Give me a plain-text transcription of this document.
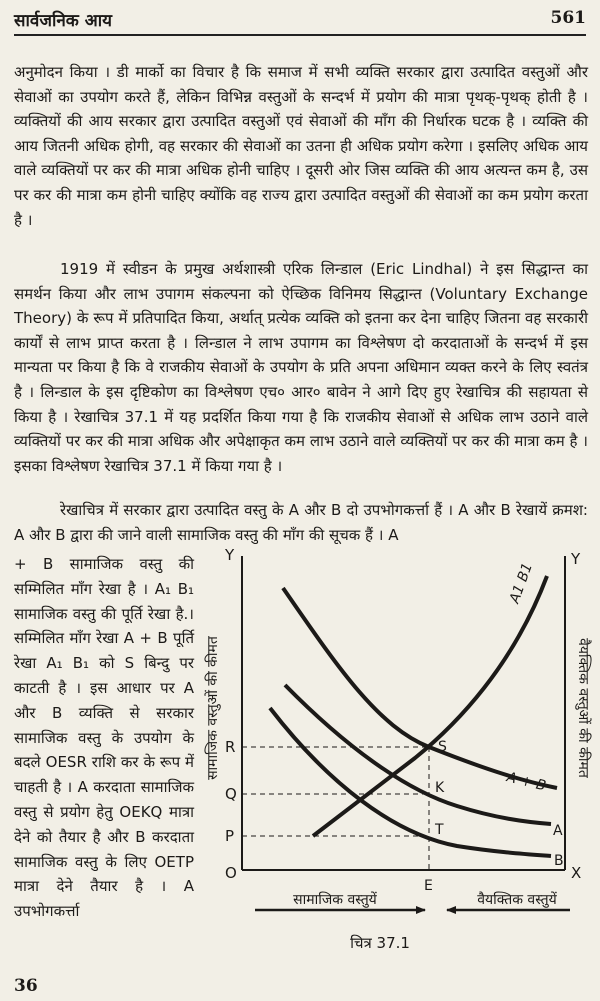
सार्वजनिक आय	561
अनुमोदन किया । डी मार्को का विचार है कि समाज में सभी व्यक्ति सरकार द्वारा उत्पादित वस्तुओं और सेवाओं का उपयोग करते हैं, लेकिन विभिन्न वस्तुओं के सन्दर्भ में प्रयोग की मात्रा पृथक्-पृथक् होती है । व्यक्तियों की आय सरकार द्वारा उत्पादित वस्तुओं एवं सेवाओं की माँग की निर्धारक घटक है । व्यक्ति की आय जितनी अधिक होगी, वह सरकार की सेवाओं का उतना ही अधिक प्रयोग करेगा । इसलिए अधिक आय वाले व्यक्तियों पर कर की मात्रा अधिक होनी चाहिए । दूसरी ओर जिस व्यक्ति की आय अत्यन्त कम है, उस पर कर की मात्रा कम होनी चाहिए क्योंकि वह राज्य द्वारा उत्पादित वस्तुओं की सेवाओं का कम प्रयोग करता है ।
1919 में स्वीडन के प्रमुख अर्थशास्त्री एरिक लिन्डाल (Eric Lindhal) ने इस सिद्धान्त का समर्थन किया और लाभ उपागम संकल्पना को ऐच्छिक विनिमय सिद्धान्त (Voluntary Exchange Theory) के रूप में प्रतिपादित किया, अर्थात् प्रत्येक व्यक्ति को इतना कर देना चाहिए जितना वह सरकारी कार्यों से लाभ प्राप्त करता है । लिन्डाल ने लाभ उपागम का विश्लेषण दो करदाताओं के सन्दर्भ में इस मान्यता पर किया है कि वे राजकीय सेवाओं के उपयोग के प्रति अपना अधिमान व्यक्त करने के लिए स्वतंत्र है । लिन्डाल के इस दृष्टिकोण का विश्लेषण एच० आर० बावेन ने आगे दिए हुए रेखाचित्र की सहायता से किया है । रेखाचित्र 37.1 में यह प्रदर्शित किया गया है कि राजकीय सेवाओं से अधिक लाभ उठाने वाले व्यक्तियों पर कर की मात्रा अधिक और अपेक्षाकृत कम लाभ उठाने वाले व्यक्तियों पर कर की मात्रा कम है । इसका विश्लेषण रेखाचित्र 37.1 में किया गया है ।
रेखाचित्र में सरकार द्वारा उत्पादित वस्तु के A और B दो उपभोगकर्त्ता हैं । A और B रेखायें क्रमश: A और B द्वारा की जाने वाली सामाजिक वस्तु की माँग की सूचक हैं । A
+ B सामाजिक वस्तु की सम्मिलित माँग रेखा है । A₁ B₁ सामाजिक वस्तु की पूर्ति रेखा है.। सम्मिलित माँग रेखा A + B पूर्ति रेखा A₁ B₁ को S बिन्दु पर काटती है । इस आधार पर A और B व्यक्ति से सरकार सामाजिक वस्तु के उपयोग के बदले OESR राशि कर के रूप में चाहती है । A करदाता सामाजिक वस्तु से प्रयोग हेतु OEKQ मात्रा देने को तैयार है और B करदाता सामाजिक वस्तु के लिए OETP मात्रा देने तैयार है । A उपभोगकर्त्ता
Y	Y
O	X
R
Q
P
E
S
K
T
A1 B1
A + B
A
B
सामाजिक वस्तुओं की कीमत	वैयक्तिक वस्तुओं की कीमत
सामाजिक वस्तुयें	वैयक्तिक वस्तुयें
चित्र 37.1
36
